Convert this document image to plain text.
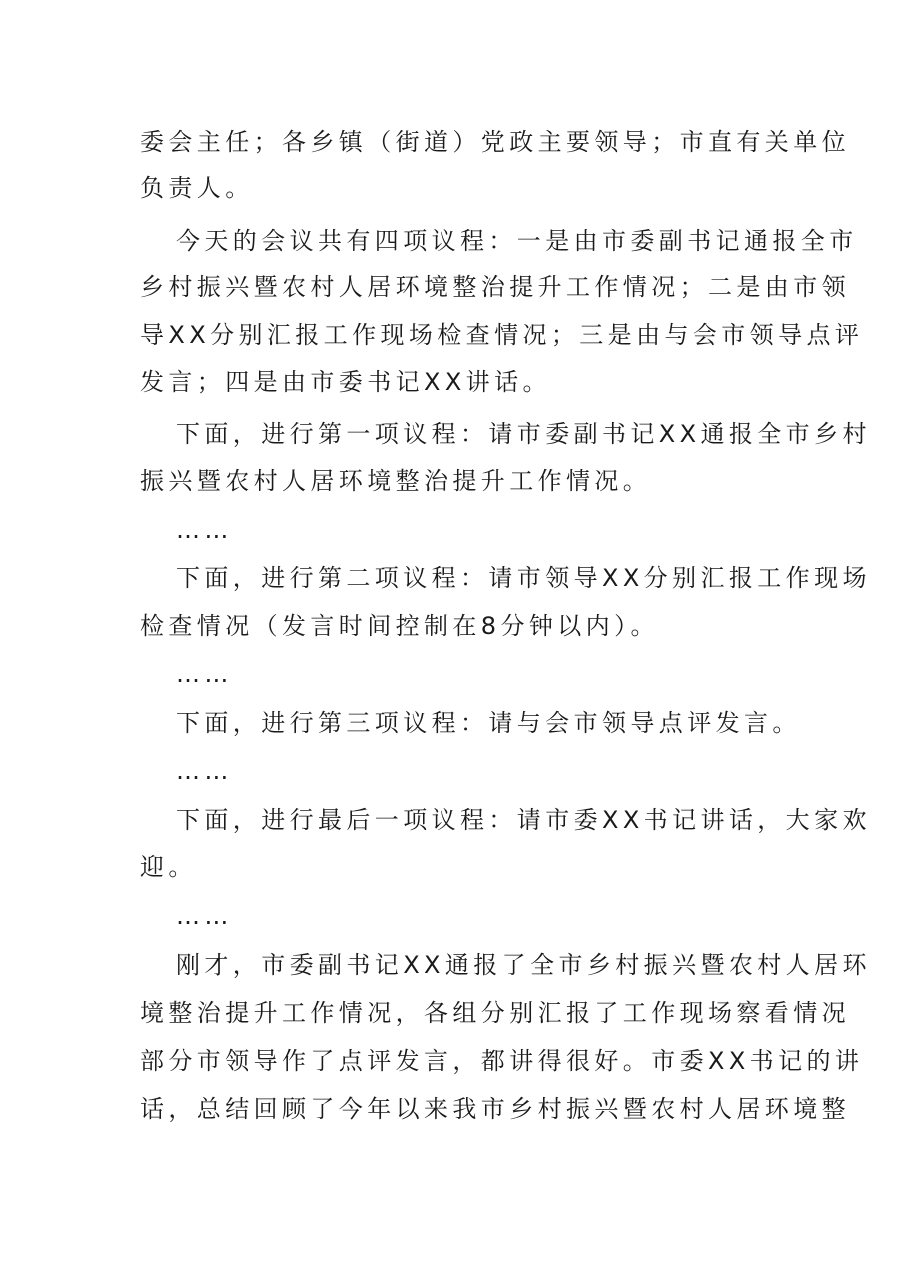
委会主任；各乡镇（街道）党政主要领导；市直有关单位
负责人。
今天的会议共有四项议程：一是由市委副书记通报全市
乡村振兴暨农村人居环境整治提升工作情况；二是由市领
导XX分别汇报工作现场检查情况；三是由与会市领导点评
发言；四是由市委书记XX讲话。
下面，进行第一项议程：请市委副书记XX通报全市乡村
振兴暨农村人居环境整治提升工作情况。
……
下面，进行第二项议程：请市领导XX分别汇报工作现场
检查情况（发言时间控制在8分钟以内）。
……
下面，进行第三项议程：请与会市领导点评发言。
……
下面，进行最后一项议程：请市委XX书记讲话，大家欢
迎。
……
刚才，市委副书记XX通报了全市乡村振兴暨农村人居环
境整治提升工作情况，各组分别汇报了工作现场察看情况
部分市领导作了点评发言，都讲得很好。市委XX书记的讲
话，总结回顾了今年以来我市乡村振兴暨农村人居环境整
